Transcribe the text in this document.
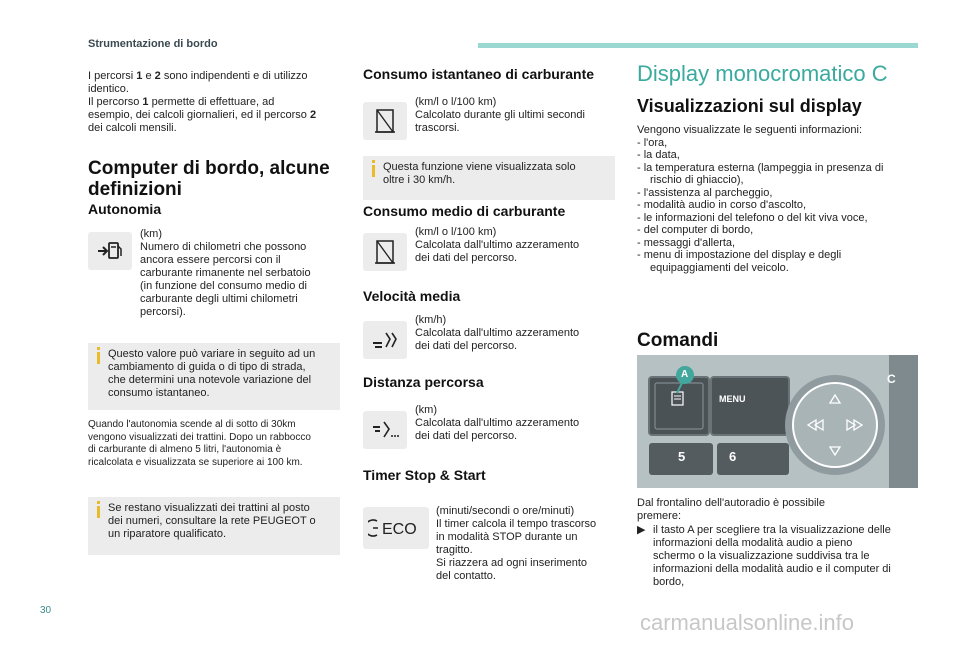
Strumentazione di bordo
I percorsi 1 e 2 sono indipendenti e di utilizzo
identico.
Il percorso 1 permette di effettuare, ad
esempio, dei calcoli giornalieri, ed il percorso 2
dei calcoli mensili.
Computer di bordo, alcune
definizioni
Autonomia
(km)
Numero di chilometri che possono
ancora essere percorsi con il
carburante rimanente nel serbatoio
(in funzione del consumo medio di
carburante degli ultimi chilometri
percorsi).
Questo valore può variare in seguito ad un
cambiamento di guida o di tipo di strada,
che determini una notevole variazione del
consumo istantaneo.
Quando l'autonomia scende al di sotto di 30km
vengono visualizzati dei trattini. Dopo un rabbocco
di carburante di almeno 5 litri, l'autonomia è
ricalcolata e visualizzata se superiore ai 100 km.
Se restano visualizzati dei trattini al posto
dei numeri, consultare la rete PEUGEOT o
un riparatore qualificato.
Consumo istantaneo di carburante
(km/l o l/100 km)
Calcolato durante gli ultimi secondi
trascorsi.
Questa funzione viene visualizzata solo
oltre i 30 km/h.
Consumo medio di carburante
(km/l o l/100 km)
Calcolata dall'ultimo azzeramento
dei dati del percorso.
Velocità media
(km/h)
Calcolata dall'ultimo azzeramento
dei dati del percorso.
Distanza percorsa
(km)
Calcolata dall'ultimo azzeramento
dei dati del percorso.
Timer Stop & Start
ECO
(minuti/secondi o ore/minuti)
Il timer calcola il tempo trascorso
in modalità STOP durante un
tragitto.
Si riazzera ad ogni inserimento
del contatto.
Display monocromatico C
Visualizzazioni sul display
Vengono visualizzate le seguenti informazioni:
- l'ora,
- la data,
- la temperatura esterna (lampeggia in presenza di rischio di ghiaccio),
- l'assistenza al parcheggio,
- modalità audio in corso d'ascolto,
- le informazioni del telefono o del kit viva voce,
- del computer di bordo,
- messaggi d'allerta,
- menu di impostazione del display e degli equipaggiamenti del veicolo.
Comandi
A
MENU
5	6
C
Dal frontalino dell'autoradio è possibile
premere:
▶ il tasto A per scegliere tra la visualizzazione delle informazioni della modalità audio a pieno schermo o la visualizzazione suddivisa tra le informazioni della modalità audio e il computer di bordo,
30	carmanualsonline.info
